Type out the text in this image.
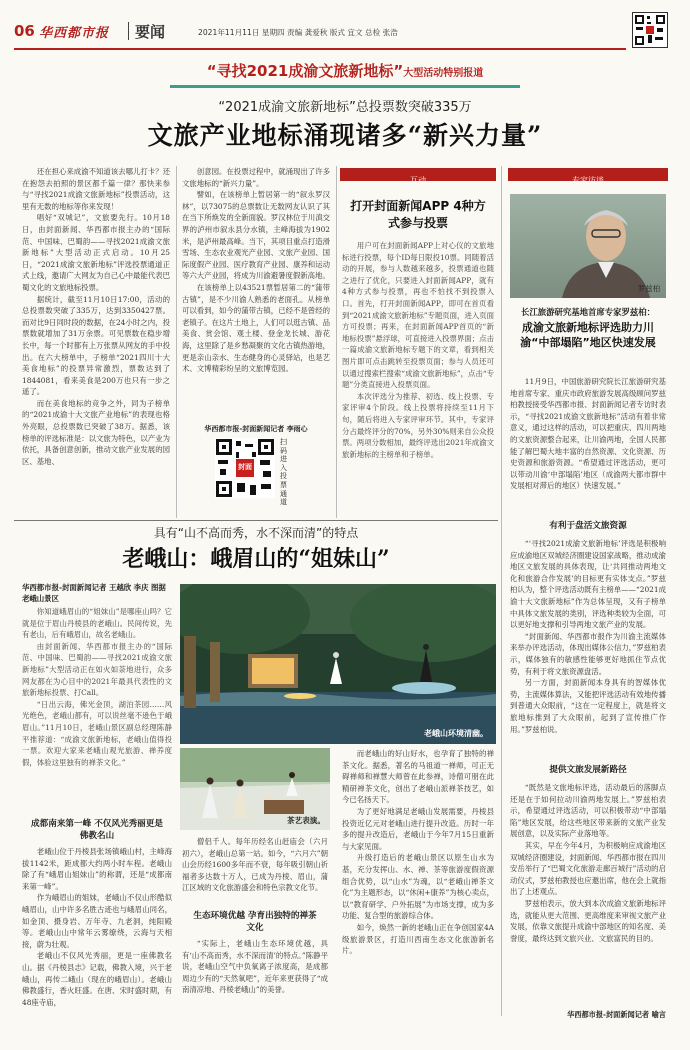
06 华西都市报 要闻	2021年11月11日 星期四 责编 龚爱秋 版式 宜文 总检 张浩
“寻找2021成渝文旅新地标”大型活动特别报道
“2021成渝文旅新地标”总投票数突破335万
文旅产业地标涌现诸多“新兴力量”

还在担心来成渝不知道该去哪儿打卡？还在抱怨去拍照的景区都千篇一律？那快来参与“寻找2021成渝文旅新地标”投票活动，这里有无数的地标等你来发现！

唱好“双城记”，文旅要先行。10月18日，由封面新闻、华西都市报主办的“国际范、中国味、巴蜀韵——寻找2021成渝文旅新地标”大型活动正式启动。10月25日，“2021成渝文旅新地标”评选投票通道正式上线，邀请广大网友为自己心中最能代表巴蜀文化的文旅地标投票。

据统计，截至11月10日17:00，活动的总投票数突破了335万，达到3350427票。而对比9日同时段的数据，在24小时之内，投票数就增加了31万余票。可见票数在稳步增长中，每一个时都有上万张票从网友的手中投出。在六大榜单中，子榜单“2021四川十大美食地标”的投票异常激烈，票数达到了1844081，看来美食是200万也只有一步之遥了。

而在美食地标的竞争之外，同为子榜单的“2021成渝十大文旅产业地标”的表现也格外亮眼，总投票数已突破了38万。据悉，该榜单的评选标准是：以文旅为特色，以产业为依托，具备创意创新，推动文旅产业发展的园区、基地、

创意园。在投票过程中，就涌现出了许多文旅地标的“新兴力量”。

譬如，在该榜单上暂居第一的“叙永罗汉林”，以73075的总票数让无数网友认识了其在当下所焕发的全新面貌。罗汉林位于川滇交界的泸州市叙永县分水镇，主峰海拔为1902米，是泸州最高峰。当下，其项目重点打造滑雪场、生态农业观光产业园、文旅产业园、国际度假产业园、医疗教育产业园、康养和运动等六大产业园，将成为川渝避暑度假新高地。

在该榜单上以43521票暂居第二的“蒲带古镇”，是不少川渝人熟悉的老面孔。从榜单可以看到，如今的蒲带古镇，已经不是曾经的老镇子。在这片土地上，人们可以逛古镇、品美食、赏会馆、观土楼、登金龙长城、游花海，这里除了是乡愁凝聚的文化古镇热游地，更是亲山亲水、生态健身的心灵驿站，也是艺术、文博精彩纷呈的文旅博览园。

华西都市报-封面新闻记者 李雨心
封面
扫码进入投票通道
互动
打开封面新闻APP 4种方式参与投票

用户可在封面新闻APP上对心仪的文旅地标进行投票，每个ID每日限投10票。同随着活动的开展，参与人数越来越多，投票通道也随之进行了优化，只要进入封面新闻APP，就有4种方式参与投票，再也不怕找不到投票入口。首先，打开封面新闻APP，即可在首页看到“2021成渝文旅新地标”专题页面，进入页面方可投票；再来，在封面新闻APP首页的“新地标投票”悬浮球，可直接进入投票界面；点击一篇成渝文旅新地标专题下的文章，看到相关图片即可点击跳转至投票页面；参与人员还可以通过搜索栏搜索“成渝文旅新地标”，点击“专题”分类直接进入投票页面。

本次评选分为推荐、初选、线上投票、专家评审4个阶段。线上投票将持续至11月下旬，随后将进入专家评审环节。其中，专家评分占最终评分的70%，另外30%则来自公众投票。两项分数相加，最终评选出2021年成渝文旅新地标的主榜单和子榜单。

专家访谈
罗兹柏
长江旅游研究基地首席专家罗兹柏：
成渝文旅新地标评选助力川渝“中部塌陷”地区快速发展

11月9日，中国旅游研究院长江旅游研究基地首席专家、重庆市政府旅游发展高级顾问罗兹柏教授接受华西都市报、封面新闻记者专访时表示，“寻找2021成渝文旅新地标”活动有着非常意义，通过这样的活动，可以把重庆、四川两地的文旅资源整合起来，让川渝两地，全国人民都能了解巴蜀大地丰富的自然资源、文化资源、历史资源和旅游资源。“希望通过评选活动，更可以带动川渝‘中部塌陷’地区（成渝两大都市群中发展相对滞后的地区）快速发展。”

有利于盘活文旅资源

“‘寻找2021成渝文旅新地标’评选是积极响应成渝地区双城经济圈建设国家战略，推动成渝地区文旅发展的具体表现，让‘共同推动两地文化和旅游合作发展’的目标更有实体支点。”罗兹柏认为，整个评选活动既有主榜单——“2021成渝十大文旅新地标”作为总体呈现，又有子榜单中具体文旅发展的类别，评选种类较为全面，可以更好地支撑和引导两地文旅产业的发展。

“封面新闻、华西都市报作为川渝主流媒体来举办评选活动，体现出媒体公信力，”罗兹柏表示，媒体独有的敏感性能够更好地抓住节点优势，有利于将文旅资源盘活。

另一方面，封面新闻本身具有的智媒体优势，主流媒体算法，又能把评选活动有效地传播到普通大众眼前，“这在一定程度上，就是将文旅地标推到了大众眼前，起到了宣传推广作用。”罗兹柏说。

提供文旅发展新路径

“既然是文旅地标评选，活动最后的落脚点还是在于如何拉动川渝两地发展上。”罗兹柏表示，希望通过评选活动，可以积极带动“中部塌陷”地区发展，给这些地区带来新的文旅产业发展创意，以及实际产业落地等。

其实，早在今年4月，为积极响应成渝地区双城经济圈建设，封面新闻、华西都市报在四川安岳举行了“巴蜀文化旅游走廊百城行”活动的启动仪式，罗兹柏教授也应邀出席，他在会上就指出了上述观点。

罗兹柏表示，放大到本次成渝文旅新地标评选，就能从更大范围、更高维度来审视文旅产业发展，依靠文旅提升成渝中部地区的知名度、美誉度，最终达到文旅兴业、文旅富民的目的。

华西都市报-封面新闻记者 喻言
具有“山不高而秀，水不深而清”的特点
老峨山：峨眉山的“姐妹山”
华西都市报-封面新闻记者 王越欣 李庆 图据老峨山景区

你知道峨眉山的“姐妹山”是哪座山吗？它就是位于眉山丹棱县的老峨山。民间传说，先有老山，后有峨眉山，故名老峨山。

由封面新闻、华西都市报主办的“国际范、中国味、巴蜀韵——寻找2021成渝文旅新地标”大型活动正在如火如荼地进行，众多网友都在为心目中的2021年最具代表性的文旅新地标投票、打Call。

“日出云海，佛光金顶，湖泊茶园……风光绝色，老峨山都有，可以说丝毫不逊色于峨眉山。”11月10日，老峨山景区副总经理陈静平推荐道：“成渝文旅新地标，老峨山值得投一票。欢迎大家来老峨山观光旅游、禅养度假，体验这里独有的禅茶文化。”

成都南来第一峰 不仅风光秀丽更是佛教名山

老峨山位于丹棱县张场镇峨山村，主峰海拔1142米，距成都大约两小时车程。老峨山除了有“峨眉山姐妹山”的称谓，还是“成都南来第一峰”。

作为峨眉山的姐妹，老峨山不仅山形酷似峨眉山，山中许多名胜古迹也与峨眉山同名，如金顶、摄身岩、万年寺、九老洞，纯阳殿等。老峨山山中常年云雾缭绕，云海与天相接，蔚为壮观。

老峨山不仅风光秀丽，更是一座佛教名山。据《丹棱县志》记载，佛教入境，兴于老峨山，再传二峨山（现在的峨眉山）。老峨山佛教盛行，香火旺盛。在唐、宋时盛时期，有48座寺庙，

老峨山环境清幽。
茶艺表演。

僧侣千人。每年历经名山赶庙会（六月初六），老峨山总第一站。如今，“六月六”朝山会历经1600多年而不衰，每年吸引朝山祈福者多达数十万人，已成为丹棱、眉山，蒲江区域的文化旅游盛会和特色宗教文化节。

生态环境优越 孕育出独特的禅茶文化

“实际上，老峨山生态环境优越，具有‘山不高而秀，水不深而清’的特点。”陈静平说，老峨山空气中负氧离子浓度高，是成都周边少有的“天然氧吧”，近年来更获得了“成南清凉地、丹棱老峨山”的美誉。

而老峨山的好山好水，也孕育了独特的禅茶文化。据悉，著名的马祖道一禅师，可正无碍禅师和禅慧大师曾在此参禅，诗僧可朋在此精研禅茶文化，创出了老峨山派禅茶技艺，如今已名扬天下。

为了更好地满足老峨山发展需要，丹棱县投资近亿元对老峨山进行提升改造。历时一年多的提升改造后，老峨山于今年7月15日重新与大家见面。

升级打造后的老峨山景区以原生山水为基，充分发挥山、水、禅、茶等旅游度假资源组合优势，以“山水”为魂，以“老峨山禅茶文化”为主题形态，以“休闲+康养”为核心卖点，以“教育研学、户外拓展”为市场支撑，成为多功能、复合型的旅游综合体。

如今，焕然一新的老峨山正在争创国家4A级旅游景区，打造川西南生态文化旅游新名片。
